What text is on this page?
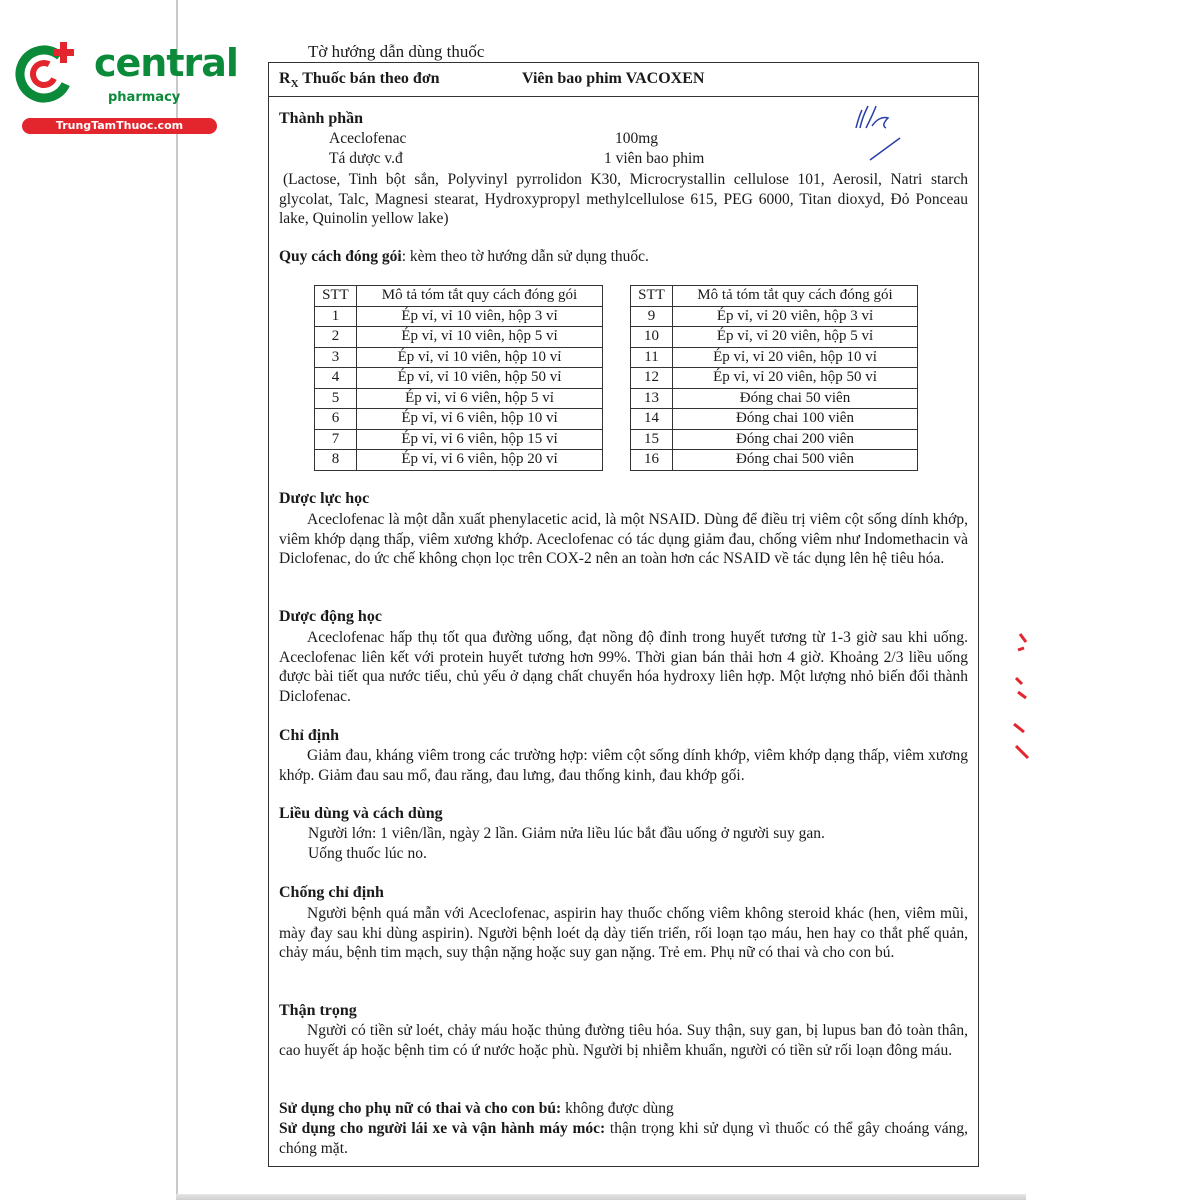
central
pharmacy
TrungTamThuoc.com
Tờ hướng dẫn dùng thuốc
$R_X$ Thuốc bán theo đơn	Viên bao phim VACOXEN
Thành phần
Aceclofenac	100mg
Tá dược v.đ	1 viên bao phim
(Lactose, Tinh bột sắn, Polyvinyl pyrrolidon K30, Microcrystallin cellulose 101, Aerosil, Natri starch glycolat, Talc, Magnesi stearat, Hydroxypropyl methylcellulose 615, PEG 6000, Titan dioxyd, Đỏ Ponceau lake, Quinolin yellow lake)
Quy cách đóng gói: kèm theo tờ hướng dẫn sử dụng thuốc.
STT	Mô tả tóm tắt quy cách đóng gói
1	Ép vỉ, vỉ 10 viên, hộp 3 vỉ
2	Ép vỉ, vỉ 10 viên, hộp 5 vỉ
3	Ép vỉ, vỉ 10 viên, hộp 10 vỉ
4	Ép vỉ, vỉ 10 viên, hộp 50 vỉ
5	Ép vỉ, vỉ 6 viên, hộp 5 vỉ
6	Ép vỉ, vỉ 6 viên, hộp 10 vỉ
7	Ép vỉ, vỉ 6 viên, hộp 15 vỉ
8	Ép vỉ, vỉ 6 viên, hộp 20 vỉ
STT	Mô tả tóm tắt quy cách đóng gói
9	Ép vỉ, vỉ 20 viên, hộp 3 vỉ
10	Ép vỉ, vỉ 20 viên, hộp 5 vỉ
11	Ép vỉ, vỉ 20 viên, hộp 10 vỉ
12	Ép vỉ, vỉ 20 viên, hộp 50 vỉ
13	Đóng chai 50 viên
14	Đóng chai 100 viên
15	Đóng chai 200 viên
16	Đóng chai 500 viên
Dược lực học
Aceclofenac là một dẫn xuất phenylacetic acid, là một NSAID. Dùng để điều trị viêm cột sống dính khớp, viêm khớp dạng thấp, viêm xương khớp. Aceclofenac có tác dụng giảm đau, chống viêm như Indomethacin và Diclofenac, do ức chế không chọn lọc trên COX-2 nên an toàn hơn các NSAID về tác dụng lên hệ tiêu hóa.
Dược động học
Aceclofenac hấp thụ tốt qua đường uống, đạt nồng độ đỉnh trong huyết tương từ 1-3 giờ sau khi uống. Aceclofenac liên kết với protein huyết tương hơn 99%. Thời gian bán thải hơn 4 giờ. Khoảng 2/3 liều uống được bài tiết qua nước tiểu, chủ yếu ở dạng chất chuyển hóa hydroxy liên hợp. Một lượng nhỏ biến đổi thành Diclofenac.
Chỉ định
Giảm đau, kháng viêm trong các trường hợp: viêm cột sống dính khớp, viêm khớp dạng thấp, viêm xương khớp. Giảm đau sau mổ, đau răng, đau lưng, đau thống kinh, đau khớp gối.
Liều dùng và cách dùng
Người lớn: 1 viên/lần, ngày 2 lần. Giảm nửa liều lúc bắt đầu uống ở người suy gan.
Uống thuốc lúc no.
Chống chỉ định
Người bệnh quá mẫn với Aceclofenac, aspirin hay thuốc chống viêm không steroid khác (hen, viêm mũi, mày đay sau khi dùng aspirin). Người bệnh loét dạ dày tiến triển, rối loạn tạo máu, hen hay co thắt phế quản, chảy máu, bệnh tim mạch, suy thận nặng hoặc suy gan nặng. Trẻ em. Phụ nữ có thai và cho con bú.
Thận trọng
Người có tiền sử loét, chảy máu hoặc thủng đường tiêu hóa. Suy thận, suy gan, bị lupus ban đỏ toàn thân, cao huyết áp hoặc bệnh tim có ứ nước hoặc phù. Người bị nhiễm khuẩn, người có tiền sử rối loạn đông máu.
Sử dụng cho phụ nữ có thai và cho con bú: không được dùng
Sử dụng cho người lái xe và vận hành máy móc: thận trọng khi sử dụng vì thuốc có thể gây choáng váng, chóng mặt.
